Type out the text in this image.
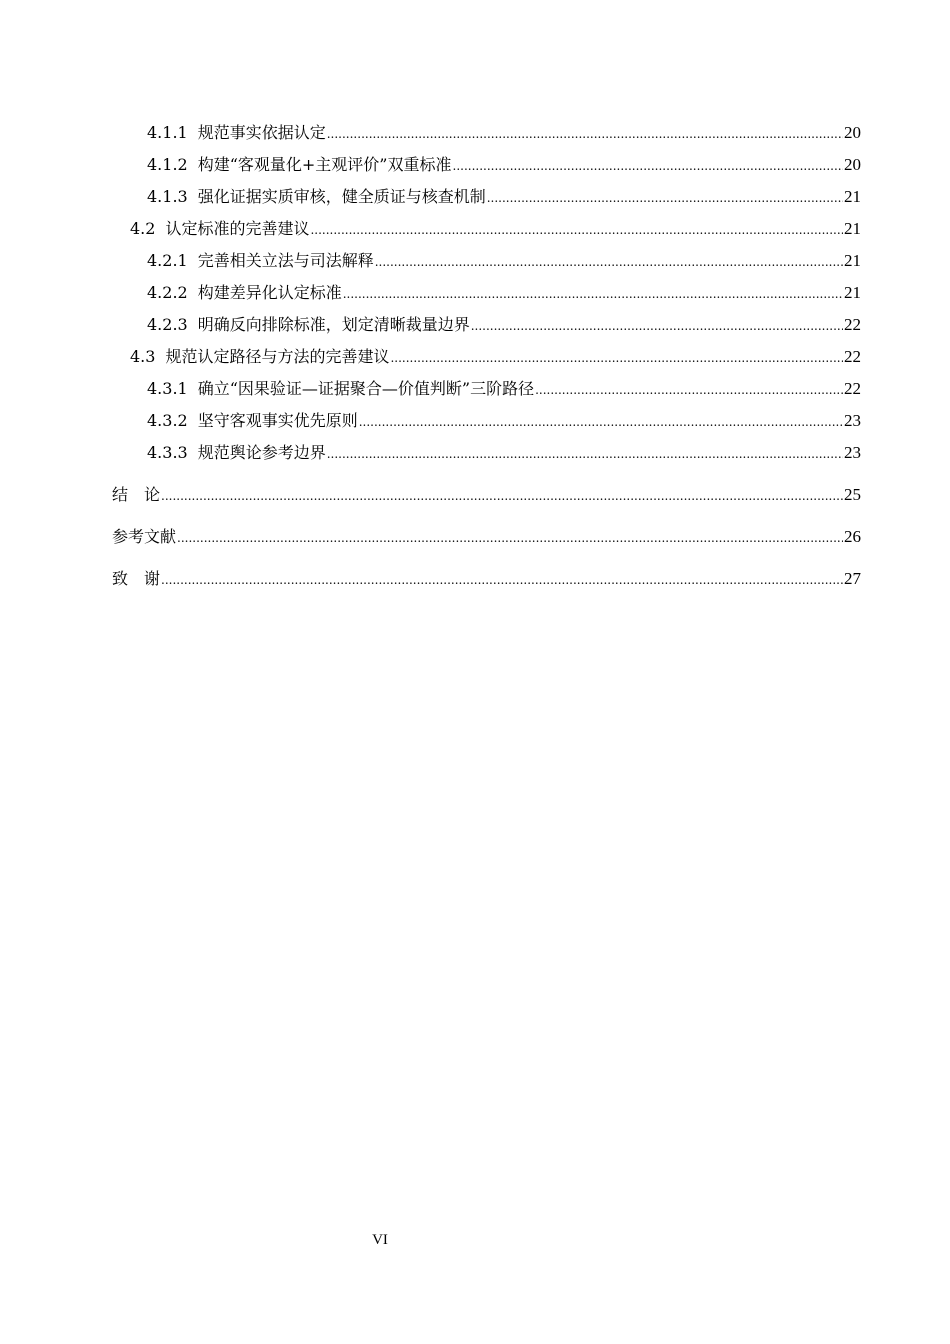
4.1.1 规范事实依据认定 .....	20
4.1.2 构建“客观量化+主观评价”双重标准 .....	20
4.1.3 强化证据实质审核，健全质证与核查机制 .....	21
4.2 认定标准的完善建议 .....	21
4.2.1 完善相关立法与司法解释 .....	21
4.2.2 构建差异化认定标准 .....	21
4.2.3 明确反向排除标准，划定清晰裁量边界 .....	22
4.3 规范认定路径与方法的完善建议 .....	22
4.3.1 确立“因果验证—证据聚合—价值判断”三阶路径 .....	22
4.3.2 坚守客观事实优先原则 .....	23
4.3.3 规范舆论参考边界 .....	23
结　论 .....	25
参考文献 .....	26
致　谢 .....	27
VI
